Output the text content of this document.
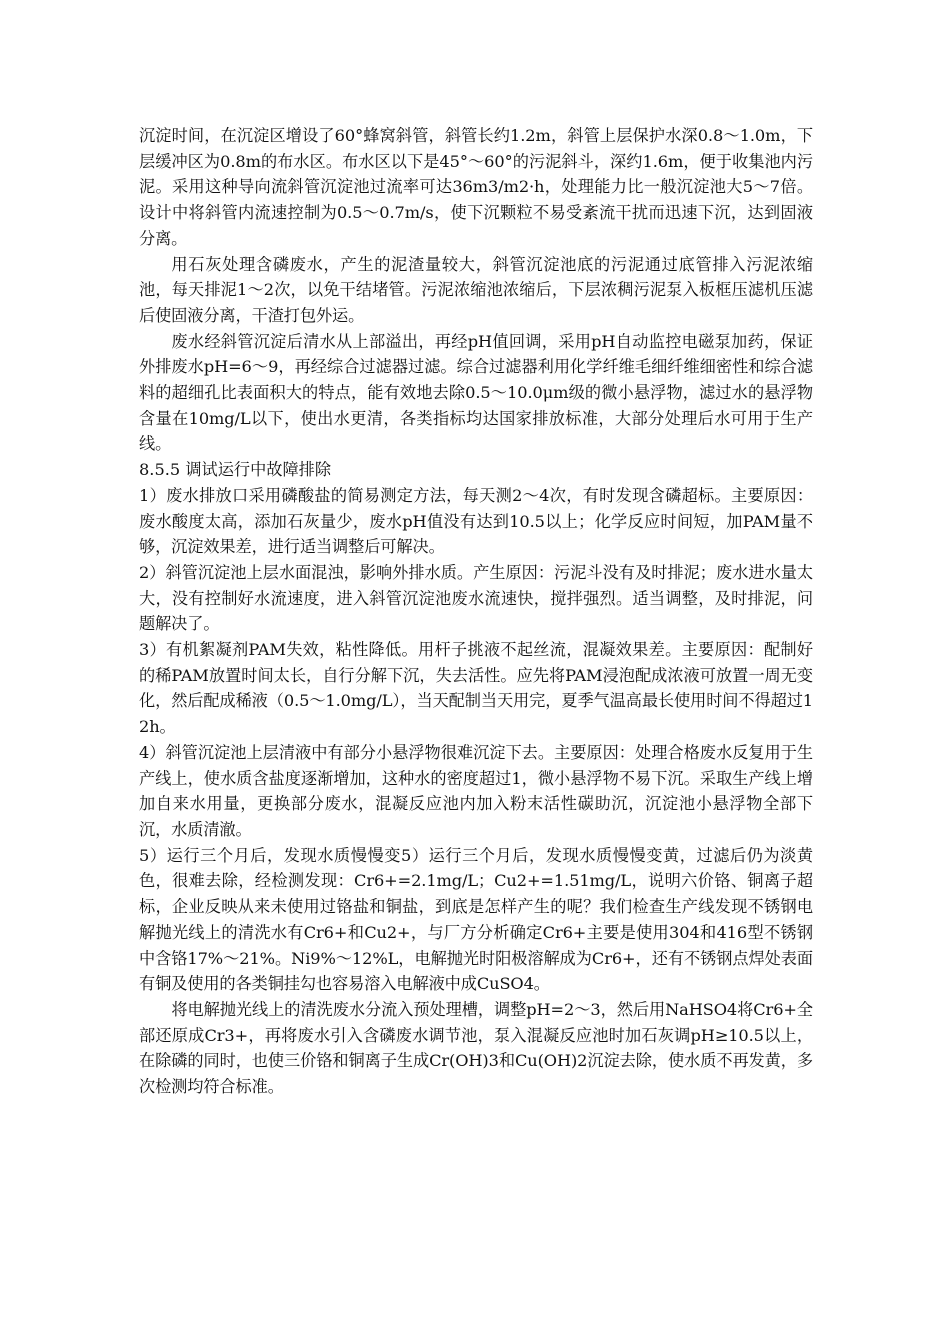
沉淀时间，在沉淀区增设了60°蜂窝斜管，斜管长约1.2m，斜管上层保护水深0.8～1.0m，下层缓冲区为0.8m的布水区。布水区以下是45°～60°的污泥斜斗，深约1.6m，便于收集池内污泥。采用这种导向流斜管沉淀池过流率可达36m3/m2·h，处理能力比一般沉淀池大5～7倍。设计中将斜管内流速控制为0.5～0.7m/s，使下沉颗粒不易受紊流干扰而迅速下沉，达到固液分离。

用石灰处理含磷废水，产生的泥渣量较大，斜管沉淀池底的污泥通过底管排入污泥浓缩池，每天排泥1～2次，以免干结堵管。污泥浓缩池浓缩后，下层浓稠污泥泵入板框压滤机压滤后使固液分离，干渣打包外运。

废水经斜管沉淀后清水从上部溢出，再经pH值回调，采用pH自动监控电磁泵加药，保证外排废水pH=6～9，再经综合过滤器过滤。综合过滤器利用化学纤维毛细纤维细密性和综合滤料的超细孔比表面积大的特点，能有效地去除0.5～10.0μm级的微小悬浮物，滤过水的悬浮物含量在10mg/L以下，使出水更清，各类指标均达国家排放标准，大部分处理后水可用于生产线。

8.5.5 调试运行中故障排除

1）废水排放口采用磷酸盐的简易测定方法，每天测2～4次，有时发现含磷超标。主要原因：废水酸度太高，添加石灰量少，废水pH值没有达到10.5以上；化学反应时间短，加PAM量不够，沉淀效果差，进行适当调整后可解决。

2）斜管沉淀池上层水面混浊，影响外排水质。产生原因：污泥斗没有及时排泥；废水进水量太大，没有控制好水流速度，进入斜管沉淀池废水流速快，搅拌强烈。适当调整，及时排泥，问题解决了。

3）有机絮凝剂PAM失效，粘性降低。用杆子挑液不起丝流，混凝效果差。主要原因：配制好的稀PAM放置时间太长，自行分解下沉，失去活性。应先将PAM浸泡配成浓液可放置一周无变化，然后配成稀液（0.5～1.0mg/L），当天配制当天用完，夏季气温高最长使用时间不得超过12h。

4）斜管沉淀池上层清液中有部分小悬浮物很难沉淀下去。主要原因：处理合格废水反复用于生产线上，使水质含盐度逐渐增加，这种水的密度超过1，微小悬浮物不易下沉。采取生产线上增加自来水用量，更换部分废水，混凝反应池内加入粉末活性碳助沉，沉淀池小悬浮物全部下沉，水质清澈。

5）运行三个月后，发现水质慢慢变5）运行三个月后，发现水质慢慢变黄，过滤后仍为淡黄色，很难去除，经检测发现：Cr6+=2.1mg/L；Cu2+=1.51mg/L，说明六价铬、铜离子超标，企业反映从来未使用过铬盐和铜盐，到底是怎样产生的呢？我们检查生产线发现不锈钢电解抛光线上的清洗水有Cr6+和Cu2+，与厂方分析确定Cr6+主要是使用304和416型不锈钢中含铬17%～21%。Ni9%～12%L，电解抛光时阳极溶解成为Cr6+，还有不锈钢点焊处表面有铜及使用的各类铜挂勾也容易溶入电解液中成CuSO4。

将电解抛光线上的清洗废水分流入预处理槽，调整pH=2～3，然后用NaHSO4将Cr6+全部还原成Cr3+，再将废水引入含磷废水调节池，泵入混凝反应池时加石灰调pH≥10.5以上，在除磷的同时，也使三价铬和铜离子生成Cr(OH)3和Cu(OH)2沉淀去除，使水质不再发黄，多次检测均符合标准。
